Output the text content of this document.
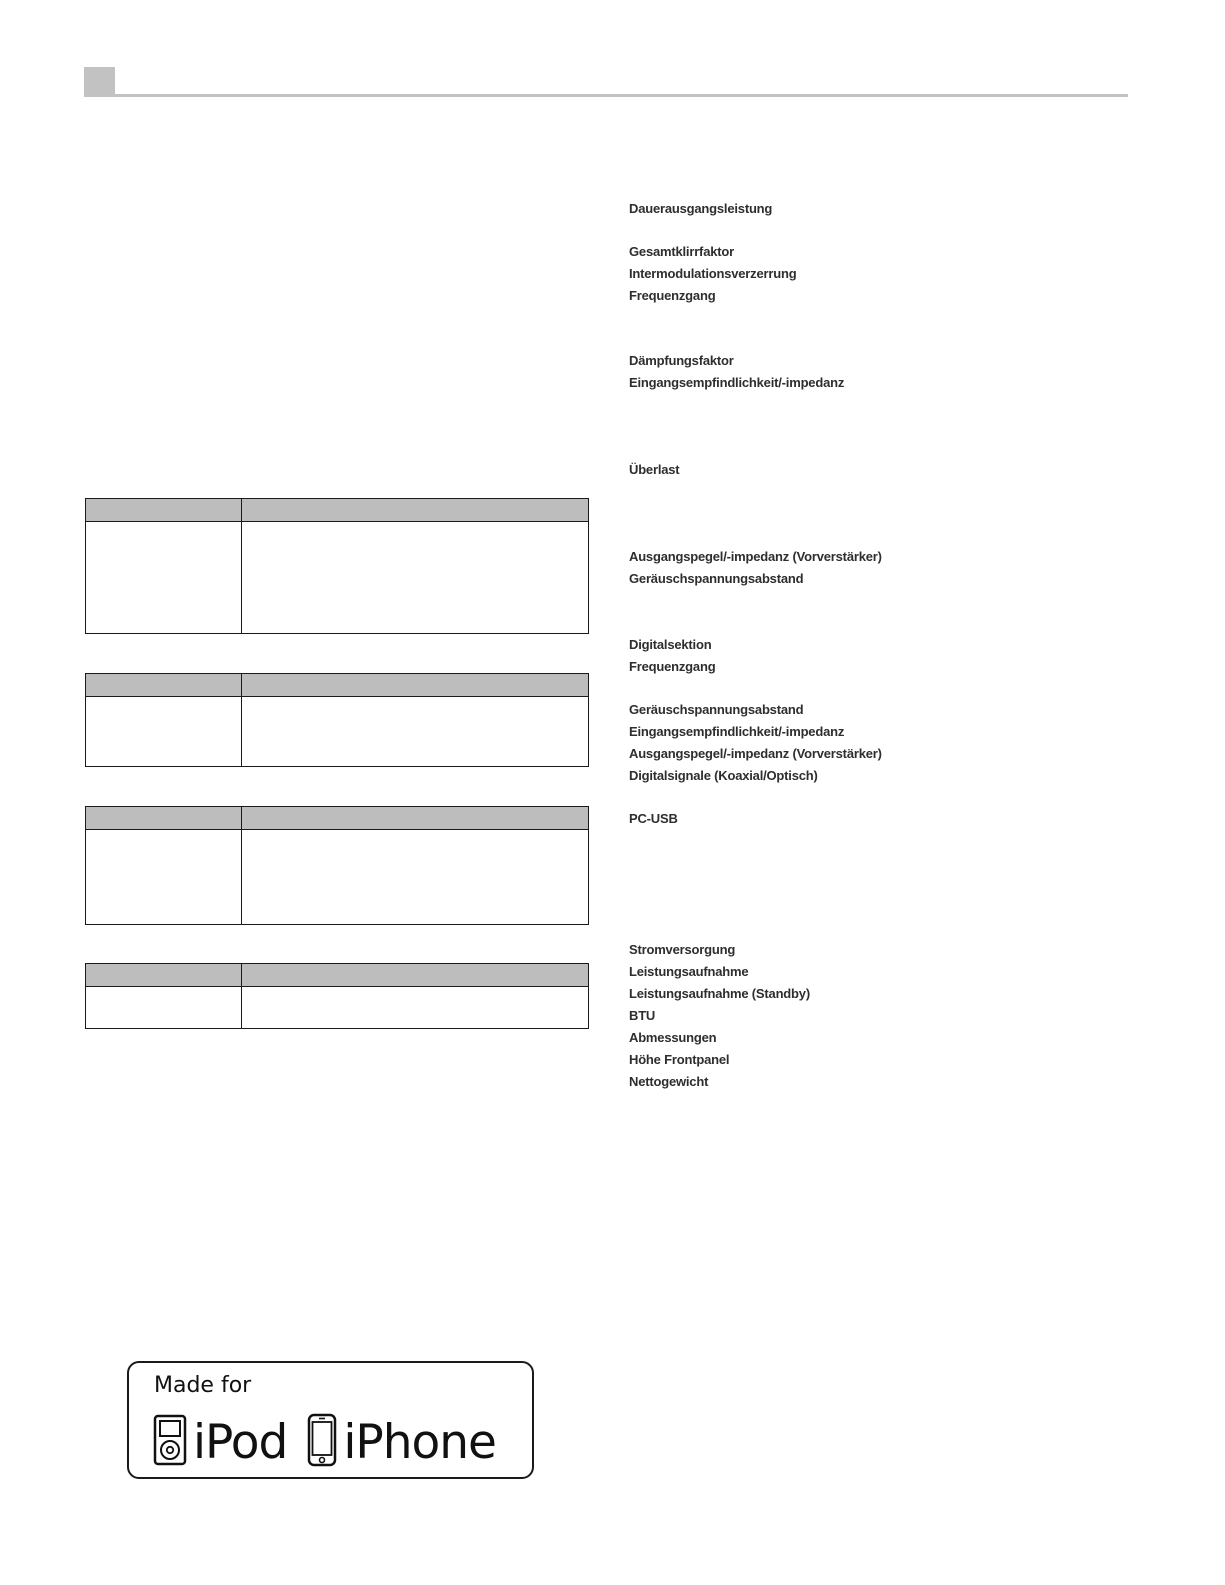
Dauerausgangsleistung
Gesamtklirrfaktor
Intermodulationsverzerrung
Frequenzgang
Dämpfungsfaktor
Eingangsempfindlichkeit/-impedanz
Überlast
Ausgangspegel/-impedanz (Vorverstärker)
Geräuschspannungsabstand
Digitalsektion
Frequenzgang
Geräuschspannungsabstand
Eingangsempfindlichkeit/-impedanz
Ausgangspegel/-impedanz (Vorverstärker)
Digitalsignale (Koaxial/Optisch)
PC-USB
Stromversorgung
Leistungsaufnahme
Leistungsaufnahme (Standby)
BTU
Abmessungen
Höhe Frontpanel
Nettogewicht

Made for
iPod iPhone
